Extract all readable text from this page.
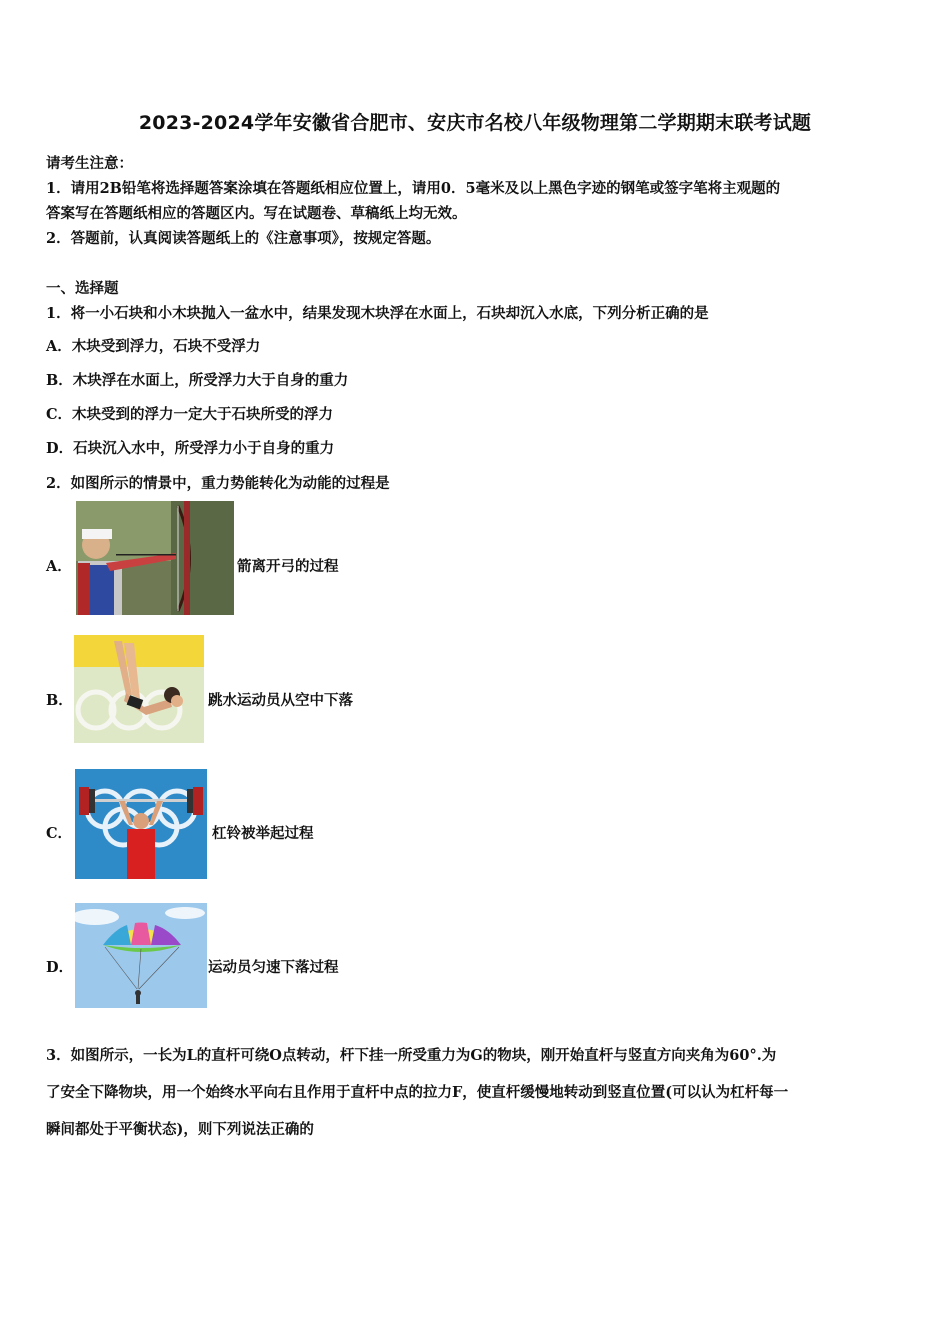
2023-2024学年安徽省合肥市、安庆市名校八年级物理第二学期期末联考试题
请考生注意：
1．请用2B铅笔将选择题答案涂填在答题纸相应位置上，请用0．5毫米及以上黑色字迹的钢笔或签字笔将主观题的
答案写在答题纸相应的答题区内。写在试题卷、草稿纸上均无效。
2．答题前，认真阅读答题纸上的《注意事项》，按规定答题。
一、选择题
1．将一小石块和小木块抛入一盆水中，结果发现木块浮在水面上，石块却沉入水底，下列分析正确的是
A．木块受到浮力，石块不受浮力
B．木块浮在水面上，所受浮力大于自身的重力
C．木块受到的浮力一定大于石块所受的浮力
D．石块沉入水中，所受浮力小于自身的重力
2．如图所示的情景中，重力势能转化为动能的过程是
A．	箭离开弓的过程
B．	跳水运动员从空中下落
C．	杠铃被举起过程
D．	运动员匀速下落过程
3．如图所示，一长为L的直杆可绕O点转动，杆下挂一所受重力为G的物块，刚开始直杆与竖直方向夹角为60°.为
了安全下降物块，用一个始终水平向右且作用于直杆中点的拉力F，使直杆缓慢地转动到竖直位置(可以认为杠杆每一
瞬间都处于平衡状态)，则下列说法正确的
